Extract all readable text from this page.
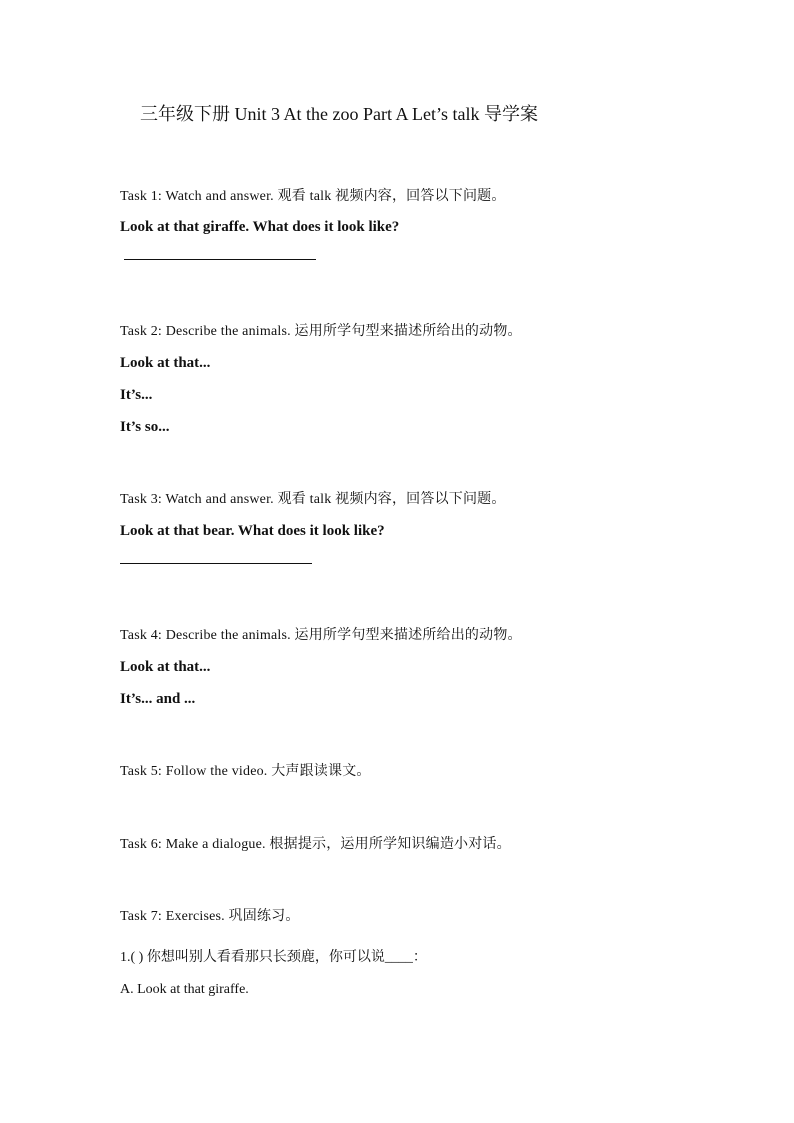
三年级下册 Unit 3 At the zoo Part A Let’s talk 导学案
Task 1: Watch and answer. 观看 talk 视频内容，回答以下问题。
Look at that giraffe. What does it look like?
Task 2: Describe the animals. 运用所学句型来描述所给出的动物。
Look at that...
It’s...
It’s so...
Task 3: Watch and answer. 观看 talk 视频内容，回答以下问题。
Look at that bear. What does it look like?
Task 4: Describe the animals. 运用所学句型来描述所给出的动物。
Look at that...
It’s... and ...
Task 5: Follow the video. 大声跟读课文。
Task 6: Make a dialogue. 根据提示，运用所学知识编造小对话。
Task 7: Exercises. 巩固练习。
1.( ) 你想叫别人看看那只长颈鹿，你可以说____：
A. Look at that giraffe.
